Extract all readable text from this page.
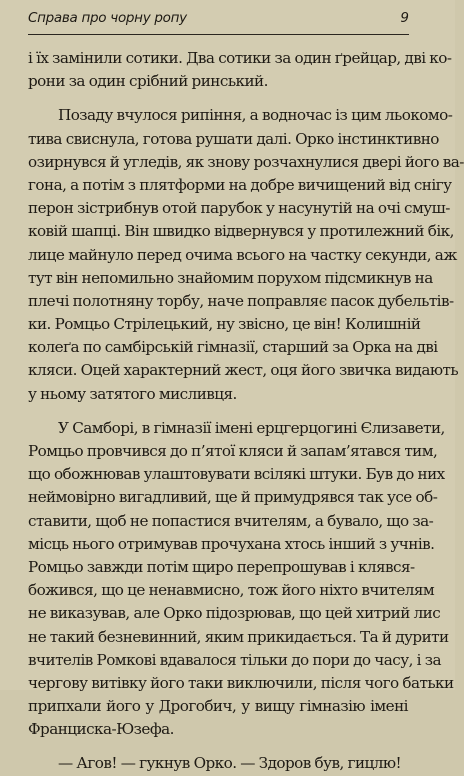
Справа про чорну ропу	9
і їх замінили сотики. Два сотики за один ґрейцар, дві ко-
рони за один срібний ринський.
Позаду вчулося рипіння, а водночас із цим льокомо-
тива свиснула, готова рушати далі. Орко інстинктивно
озирнувся й угледів, як знову розчахнулися двері його ва-
гона, а потім з плятформи на добре вичищений від снігу
перон зістрибнув отой парубок у насунутій на очі смуш-
ковій шапці. Він швидко відвернувся у протилежний бік,
лице майнуло перед очима всього на частку секунди, аж
тут він непомильно знайомим порухом підсмикнув на
плечі полотняну торбу, наче поправляє пасок дубельтів-
ки. Ромцьо Стрілецький, ну звісно, це він! Колишній
колеґа по самбірській гімназії, старший за Орка на дві
кляси. Оцей характерний жест, оця його звичка видають
у ньому затятого мисливця.
У Самборі, в гімназії імені ерцгерцогині Єлизавети,
Ромцьо провчився до п’ятої кляси й запам’ятався тим,
що обожнював улаштовувати всілякі штуки. Був до них
неймовірно вигадливий, ще й примудрявся так усе об-
ставити, щоб не попастися вчителям, а бувало, що за-
місць нього отримував прочухана хтось інший з учнів.
Ромцьо завжди потім щиро перепрошував і клявся-
божився, що це ненавмисно, тож його ніхто вчителям
не виказував, але Орко підозрював, що цей хитрий лис
не такий безневинний, яким прикидається. Та й дурити
вчителів Ромкові вдавалося тільки до пори до часу, і за
чергову витівку його таки виключили, після чого батьки
припхали його у Дрогобич, у вищу гімназію імені
Франциска-Юзефа.
— Агов! — гукнув Орко. — Здоров був, гицлю!
